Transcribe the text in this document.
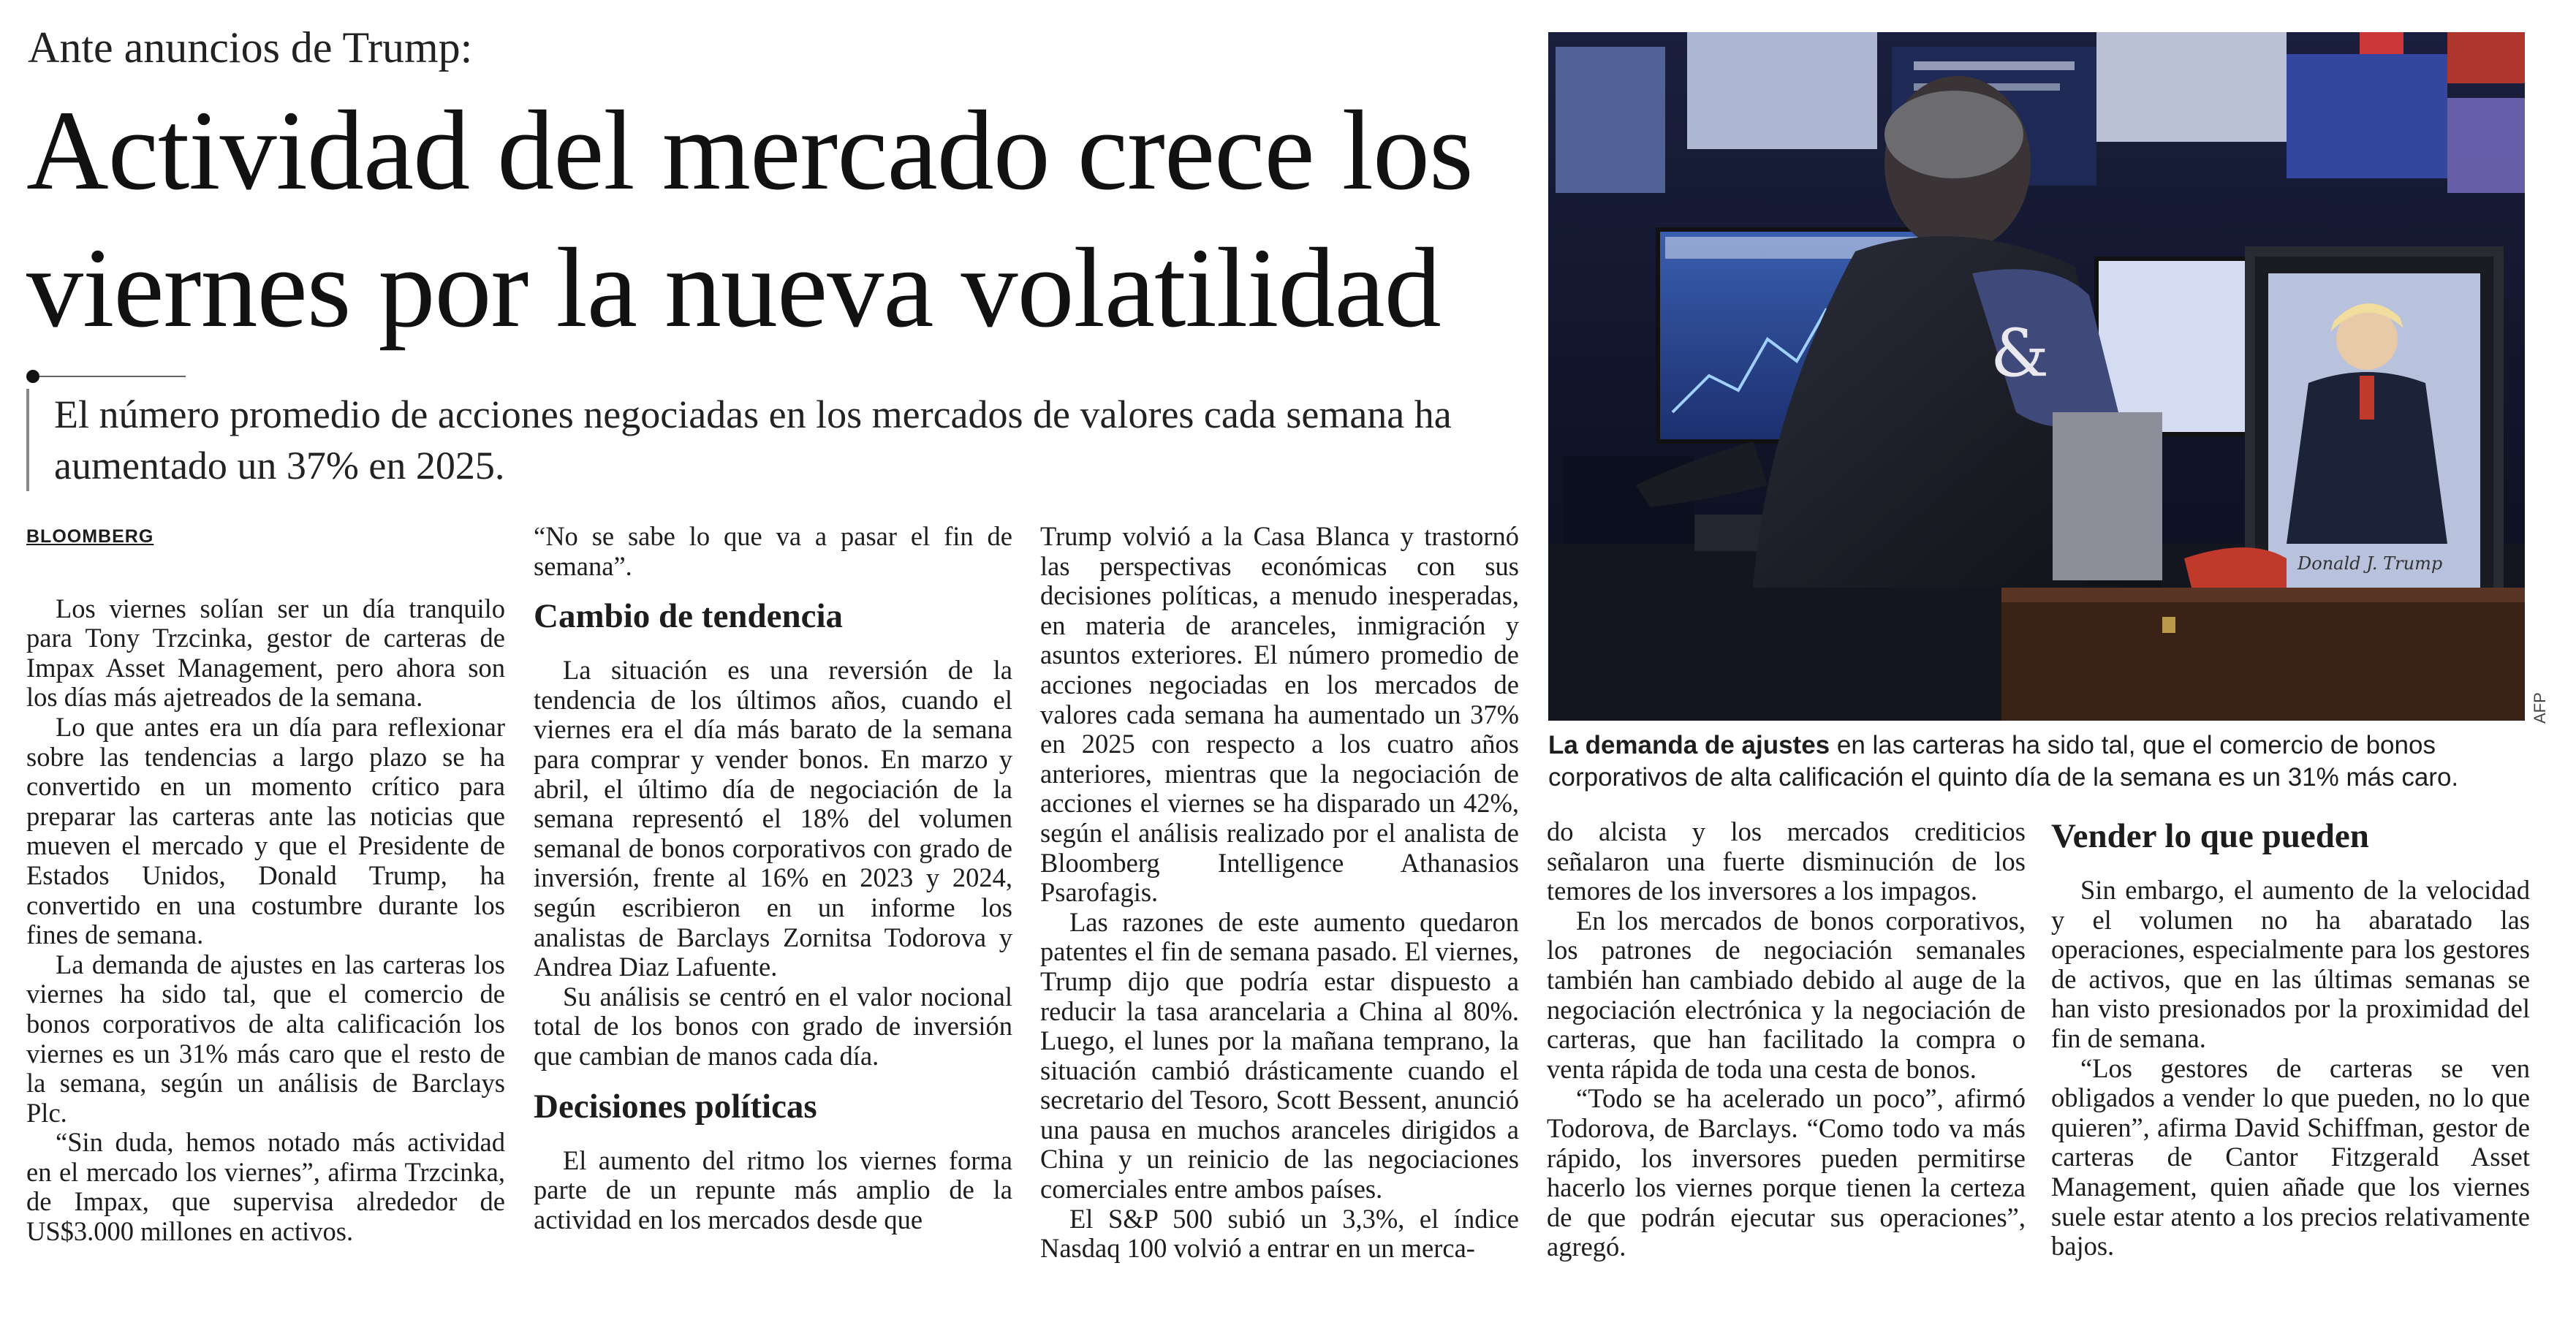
Ante anuncios de Trump:
Actividad del mercado crece los viernes por la nueva volatilidad
El número promedio de acciones negociadas en los mercados de valores cada semana ha aumentado un 37% en 2025.
BLOOMBERG

Los viernes solían ser un día tranquilo para Tony Trzcinka, gestor de carteras de Impax Asset Management, pero ahora son los días más ajetreados de la semana.

Lo que antes era un día para reflexionar sobre las tendencias a largo plazo se ha convertido en un momento crítico para preparar las carteras ante las noticias que mueven el mercado y que el Presidente de Estados Unidos, Donald Trump, ha convertido en una costumbre durante los fines de semana.

La demanda de ajustes en las carteras los viernes ha sido tal, que el comercio de bonos corporativos de alta calificación los viernes es un 31% más caro que el resto de la semana, según un análisis de Barclays Plc.

“Sin duda, hemos notado más actividad en el mercado los viernes”, afirma Trzcinka, de Impax, que supervisa alrededor de US$3.000 millones en activos.

“No se sabe lo que va a pasar el fin de semana”.

Cambio de tendencia

La situación es una reversión de la tendencia de los últimos años, cuando el viernes era el día más barato de la semana para comprar y vender bonos. En marzo y abril, el último día de negociación de la semana representó el 18% del volumen semanal de bonos corporativos con grado de inversión, frente al 16% en 2023 y 2024, según escribieron en un informe los analistas de Barclays Zornitsa Todorova y Andrea Diaz Lafuente.

Su análisis se centró en el valor nocional total de los bonos con grado de inversión que cambian de manos cada día.

Decisiones políticas

El aumento del ritmo los viernes forma parte de un repunte más amplio de la actividad en los mercados desde que

Trump volvió a la Casa Blanca y trastornó las perspectivas económicas con sus decisiones políticas, a menudo inesperadas, en materia de aranceles, inmigración y asuntos exteriores. El número promedio de acciones negociadas en los mercados de valores cada semana ha aumentado un 37% en 2025 con respecto a los cuatro años anteriores, mientras que la negociación de acciones el viernes se ha disparado un 42%, según el análisis realizado por el analista de Bloomberg Intelligence Athanasios Psarofagis.

Las razones de este aumento quedaron patentes el fin de semana pasado. El viernes, Trump dijo que podría estar dispuesto a reducir la tasa arancelaria a China al 80%. Luego, el lunes por la mañana temprano, la situación cambió drásticamente cuando el secretario del Tesoro, Scott Bessent, anunció una pausa en muchos aranceles dirigidos a China y un reinicio de las negociaciones comerciales entre ambos países.

El S&P 500 subió un 3,3%, el índice Nasdaq 100 volvió a entrar en un merca-

do alcista y los mercados crediticios señalaron una fuerte disminución de los temores de los inversores a los impagos.

En los mercados de bonos corporativos, los patrones de negociación semanales también han cambiado debido al auge de la negociación electrónica y la negociación de carteras, que han facilitado la compra o venta rápida de toda una cesta de bonos.

“Todo se ha acelerado un poco”, afirmó Todorova, de Barclays. “Como todo va más rápido, los inversores pueden permitirse hacerlo los viernes porque tienen la certeza de que podrán ejecutar sus operaciones”, agregó.

Vender lo que pueden

Sin embargo, el aumento de la velocidad y el volumen no ha abaratado las operaciones, especialmente para los gestores de activos, que en las últimas semanas se han visto presionados por la proximidad del fin de semana.

“Los gestores de carteras se ven obligados a vender lo que pueden, no lo que quieren”, afirma David Schiffman, gestor de carteras de Cantor Fitzgerald Asset Management, quien añade que los viernes suele estar atento a los precios relativamente bajos.

&
Donald J. Trump
AFP
La demanda de ajustes en las carteras ha sido tal, que el comercio de bonos corporativos de alta calificación el quinto día de la semana es un 31% más caro.
